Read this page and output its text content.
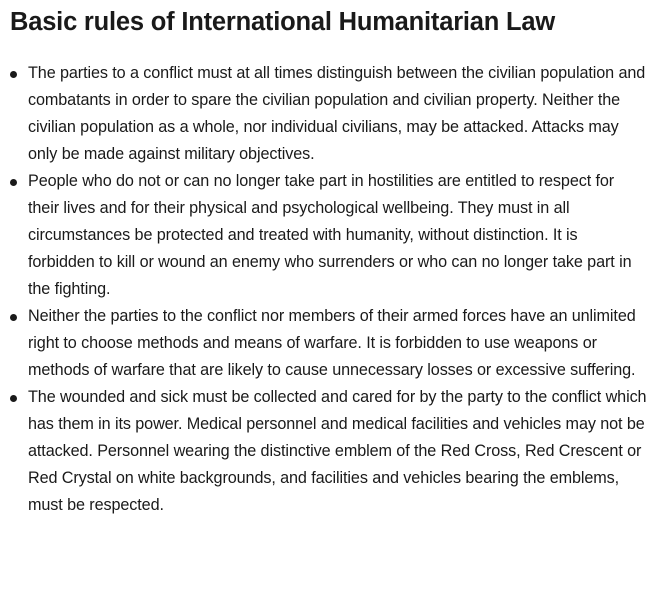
Basic rules of International Humanitarian Law
The parties to a conflict must at all times distinguish between the civilian population and combatants in order to spare the civilian population and civilian property. Neither the civilian population as a whole, nor individual civilians, may be attacked. Attacks may only be made against military objectives.
People who do not or can no longer take part in hostilities are entitled to respect for their lives and for their physical and psychological wellbeing. They must in all circumstances be protected and treated with humanity, without distinction. It is forbidden to kill or wound an enemy who surrenders or who can no longer take part in the fighting.
Neither the parties to the conflict nor members of their armed forces have an unlimited right to choose methods and means of warfare. It is forbidden to use weapons or methods of warfare that are likely to cause unnecessary losses or excessive suffering.
The wounded and sick must be collected and cared for by the party to the conflict which has them in its power. Medical personnel and medical facilities and vehicles may not be attacked. Personnel wearing the distinctive emblem of the Red Cross, Red Crescent or Red Crystal on white backgrounds, and facilities and vehicles bearing the emblems, must be respected.
